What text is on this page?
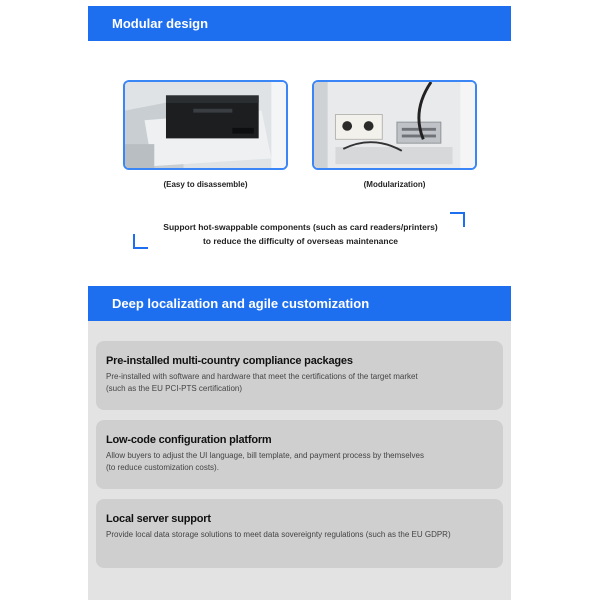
Modular design
(Easy to disassemble)	(Modularization)
Support hot-swappable components (such as card readers/printers)
to reduce the difficulty of overseas maintenance
Deep localization and agile customization

Pre-installed multi-country compliance packages

Pre-installed with software and hardware that meet the certifications of the target market

(such as the EU PCI-PTS certification)

Low-code configuration platform

Allow buyers to adjust the UI language, bill template, and payment process by themselves

(to reduce customization costs).

Local server support

Provide local data storage solutions to meet data sovereignty regulations (such as the EU GDPR)
